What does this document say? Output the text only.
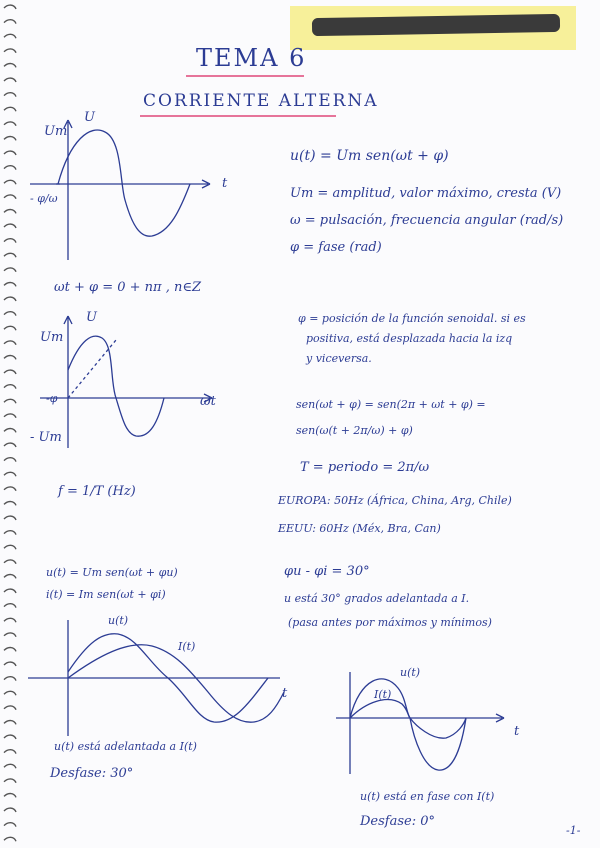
TEMA 6
CORRIENTE ALTERNA
Um
U
t
- φ/ω
u(t) = Um sen(ωt + φ)
Um = amplitud, valor máximo, cresta (V)
ω = pulsación, frecuencia angular (rad/s)
φ = fase (rad)
ωt + φ = 0 + nπ , n∈Z
φ = posición de la función senoidal. si es
positiva, está desplazada hacia la izq
y viceversa.
Um
U
-φ	ωt
- Um
sen(ωt + φ) = sen(2π + ωt + φ) =
sen(ω(t + 2π/ω) + φ)
T = periodo = 2π/ω
f = 1/T (Hz)
EUROPA: 50Hz (África, China, Arg, Chile)
EEUU: 60Hz (Méx, Bra, Can)
u(t) = Um sen(ωt + φu)
i(t) = Im sen(ωt + φi)
φu - φi = 30°
u está 30° grados adelantada a I.
(pasa antes por máximos y mínimos)
u(t)
I(t)
t
u(t) está adelantada a I(t)
Desfase: 30°
u(t)
I(t)
t
u(t) está en fase con I(t)
Desfase: 0°
-1-
